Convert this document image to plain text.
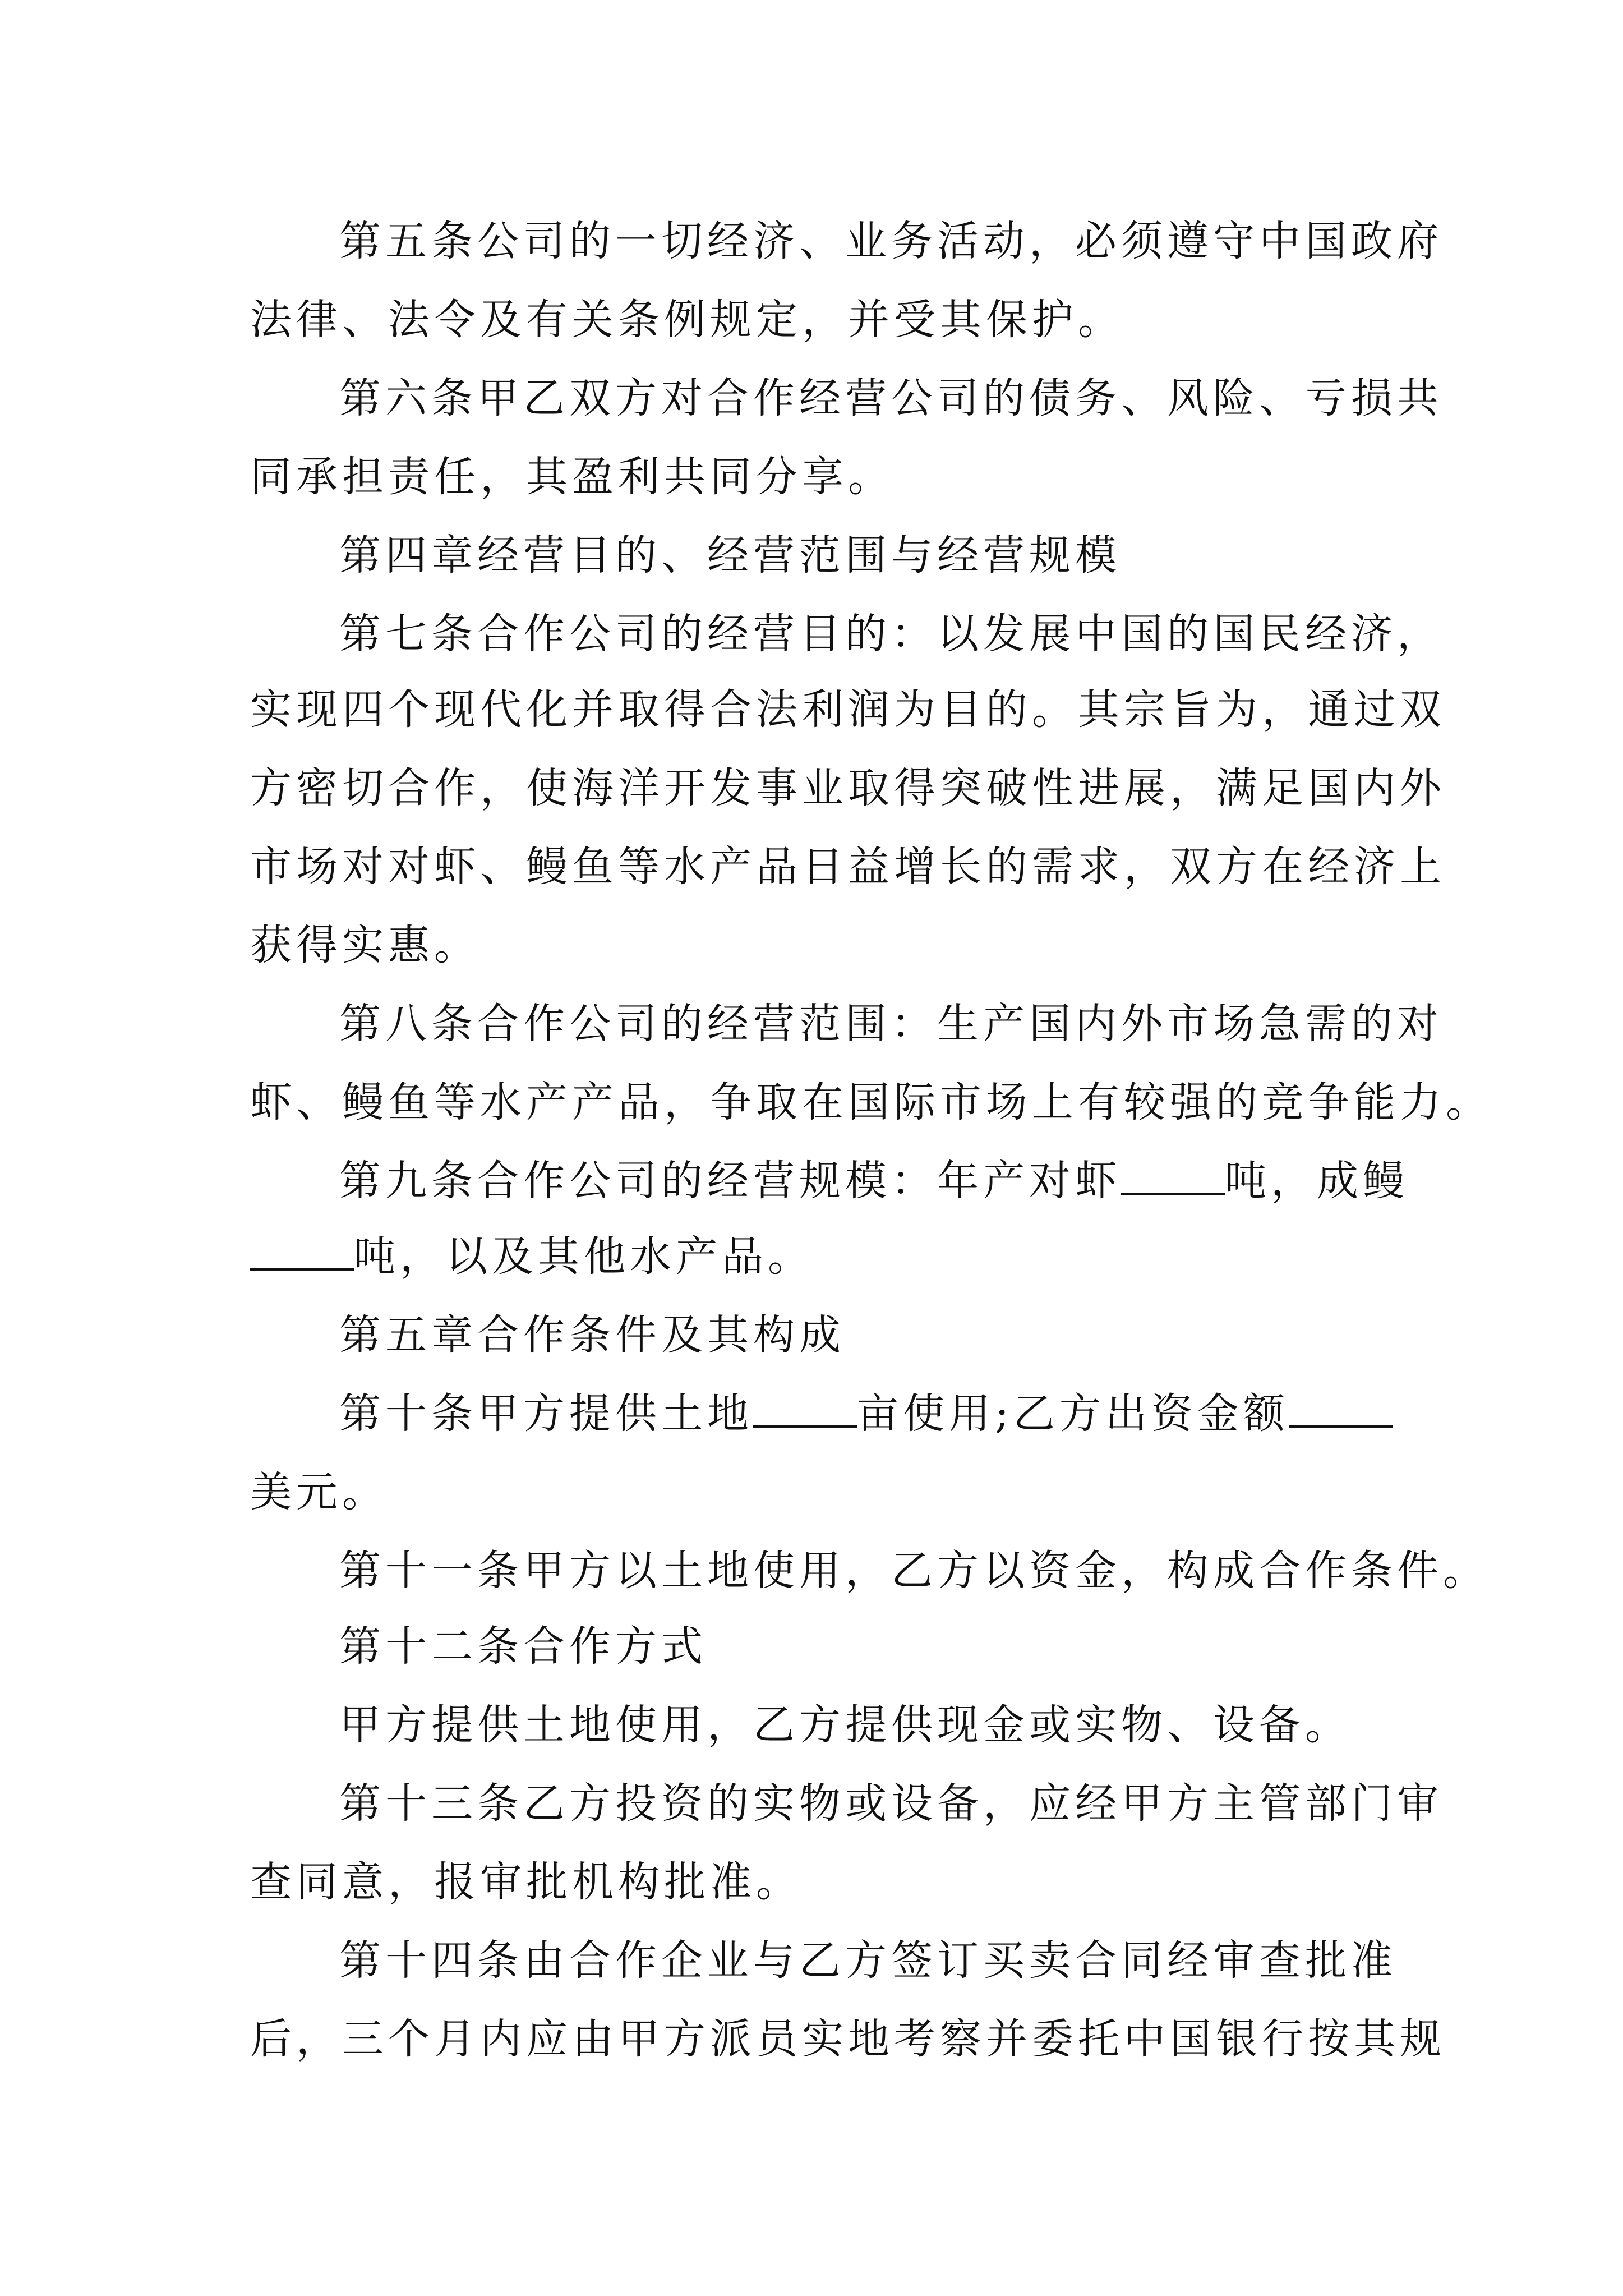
第五条公司的一切经济、业务活动，必须遵守中国政府
法律、法令及有关条例规定，并受其保护。
第六条甲乙双方对合作经营公司的债务、风险、亏损共
同承担责任，其盈利共同分享。
第四章经营目的、经营范围与经营规模
第七条合作公司的经营目的：以发展中国的国民经济，
实现四个现代化并取得合法利润为目的。其宗旨为，通过双
方密切合作，使海洋开发事业取得突破性进展，满足国内外
市场对对虾、鳗鱼等水产品日益增长的需求，双方在经济上
获得实惠。
第八条合作公司的经营范围：生产国内外市场急需的对
虾、鳗鱼等水产产品，争取在国际市场上有较强的竞争能力。
第九条合作公司的经营规模：年产对虾	吨，成鳗
吨，以及其他水产品。
第五章合作条件及其构成
第十条甲方提供土地	亩使用;乙方出资金额
美元。
第十一条甲方以土地使用，乙方以资金，构成合作条件。
第十二条合作方式
甲方提供土地使用，乙方提供现金或实物、设备。
第十三条乙方投资的实物或设备，应经甲方主管部门审
查同意，报审批机构批准。
第十四条由合作企业与乙方签订买卖合同经审查批准
后，三个月内应由甲方派员实地考察并委托中国银行按其规
